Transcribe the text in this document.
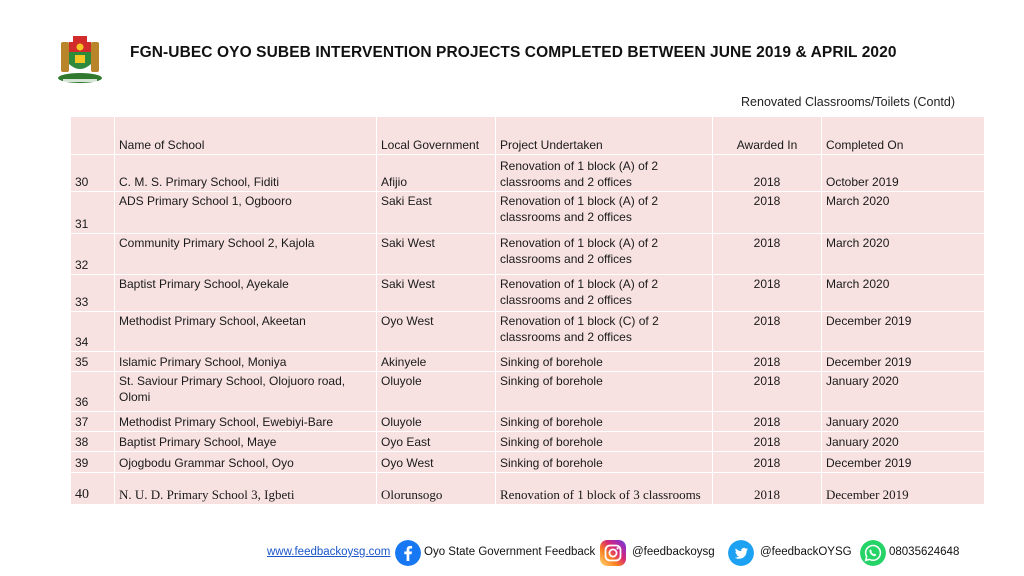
FGN-UBEC OYO SUBEB INTERVENTION PROJECTS COMPLETED BETWEEN JUNE 2019 & APRIL 2020
Renovated Classrooms/Toilets (Contd)
	Name of School	Local Government	Project Undertaken	Awarded In	Completed On
30	C. M. S. Primary School, Fiditi	Afijio	Renovation of 1 block (A) of 2 classrooms and 2 offices	2018	October 2019
31	ADS Primary School 1, Ogbooro	Saki East	Renovation of 1 block (A) of 2 classrooms and 2 offices	2018	March 2020
32	Community Primary School 2, Kajola	Saki West	Renovation of 1 block (A) of 2 classrooms and 2 offices	2018	March 2020
33	Baptist Primary School, Ayekale	Saki West	Renovation of 1 block (A) of 2 classrooms and 2 offices	2018	March 2020
34	Methodist Primary School, Akeetan	Oyo West	Renovation of 1 block (C) of 2 classrooms and 2 offices	2018	December 2019
35	Islamic Primary School, Moniya	Akinyele	Sinking of borehole	2018	December 2019
36	St. Saviour Primary School, Olojuoro road, Olomi	Oluyole	Sinking of borehole	2018	January 2020
37	Methodist Primary School, Ewebiyi-Bare	Oluyole	Sinking of borehole	2018	January 2020
38	Baptist Primary School, Maye	Oyo East	Sinking of borehole	2018	January 2020
39	Ojogbodu Grammar School, Oyo	Oyo West	Sinking of borehole	2018	December 2019
40	N. U. D. Primary School 3, Igbeti	Olorunsogo	Renovation of 1 block of 3 classrooms	2018	December 2019
www.feedbackoysg.com	Oyo State Government Feedback	@feedbackoysg	@feedbackOYSG	08035624648
